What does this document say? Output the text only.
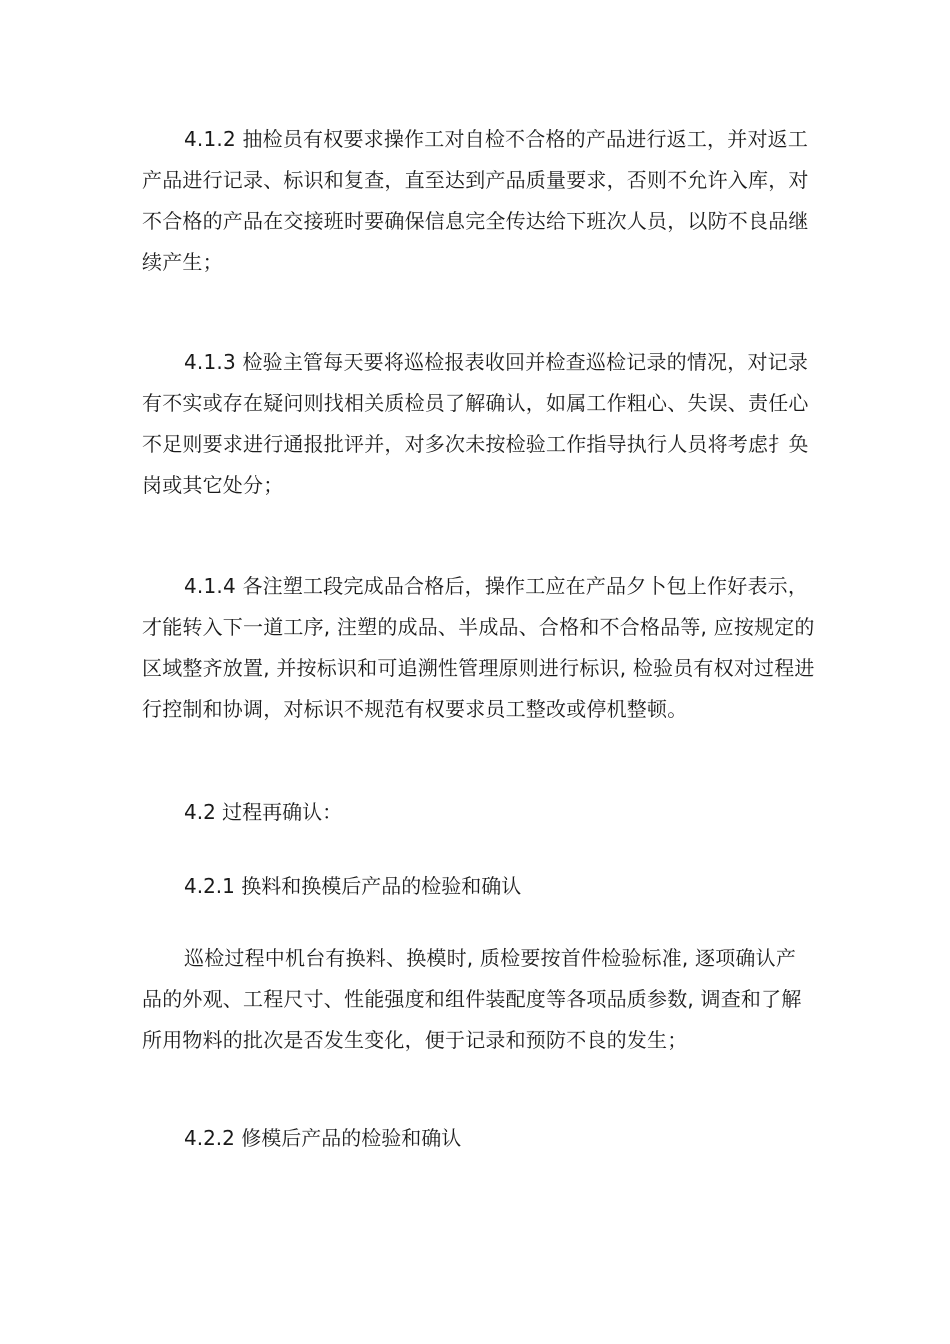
4.1.2 抽检员有权要求操作工对自检不合格的产品进行返工，并对返工
产品进行记录、标识和复查，直至达到产品质量要求，否则不允许入库，对
不合格的产品在交接班时要确保信息完全传达给下班次人员，以防不良品继
续产生；

4.1.3 检验主管每天要将巡检报表收回并检查巡检记录的情况，对记录
有不实或存在疑问则找相关质检员了解确认，如属工作粗心、失误、责任心
不足则要求进行通报批评并，对多次未按检验工作指导执行人员将考虑扌奂
岗或其它处分；

4.1.4 各注塑工段完成品合格后，操作工应在产品夕卜包上作好表示，
才能转入下一道工序, 注塑的成品、半成品、合格和不合格品等, 应按规定的
区域整齐放置, 并按标识和可追溯性管理原则进行标识, 检验员有权对过程进
行控制和协调，对标识不规范有权要求员工整改或停机整顿。

4.2 过程再确认：

4.2.1 换料和换模后产品的检验和确认

巡检过程中机台有换料、换模时, 质检要按首件检验标准, 逐项确认产
品的外观、工程尺寸、性能强度和组件装配度等各项品质参数, 调查和了解
所用物料的批次是否发生变化，便于记录和预防不良的发生；

4.2.2 修模后产品的检验和确认
